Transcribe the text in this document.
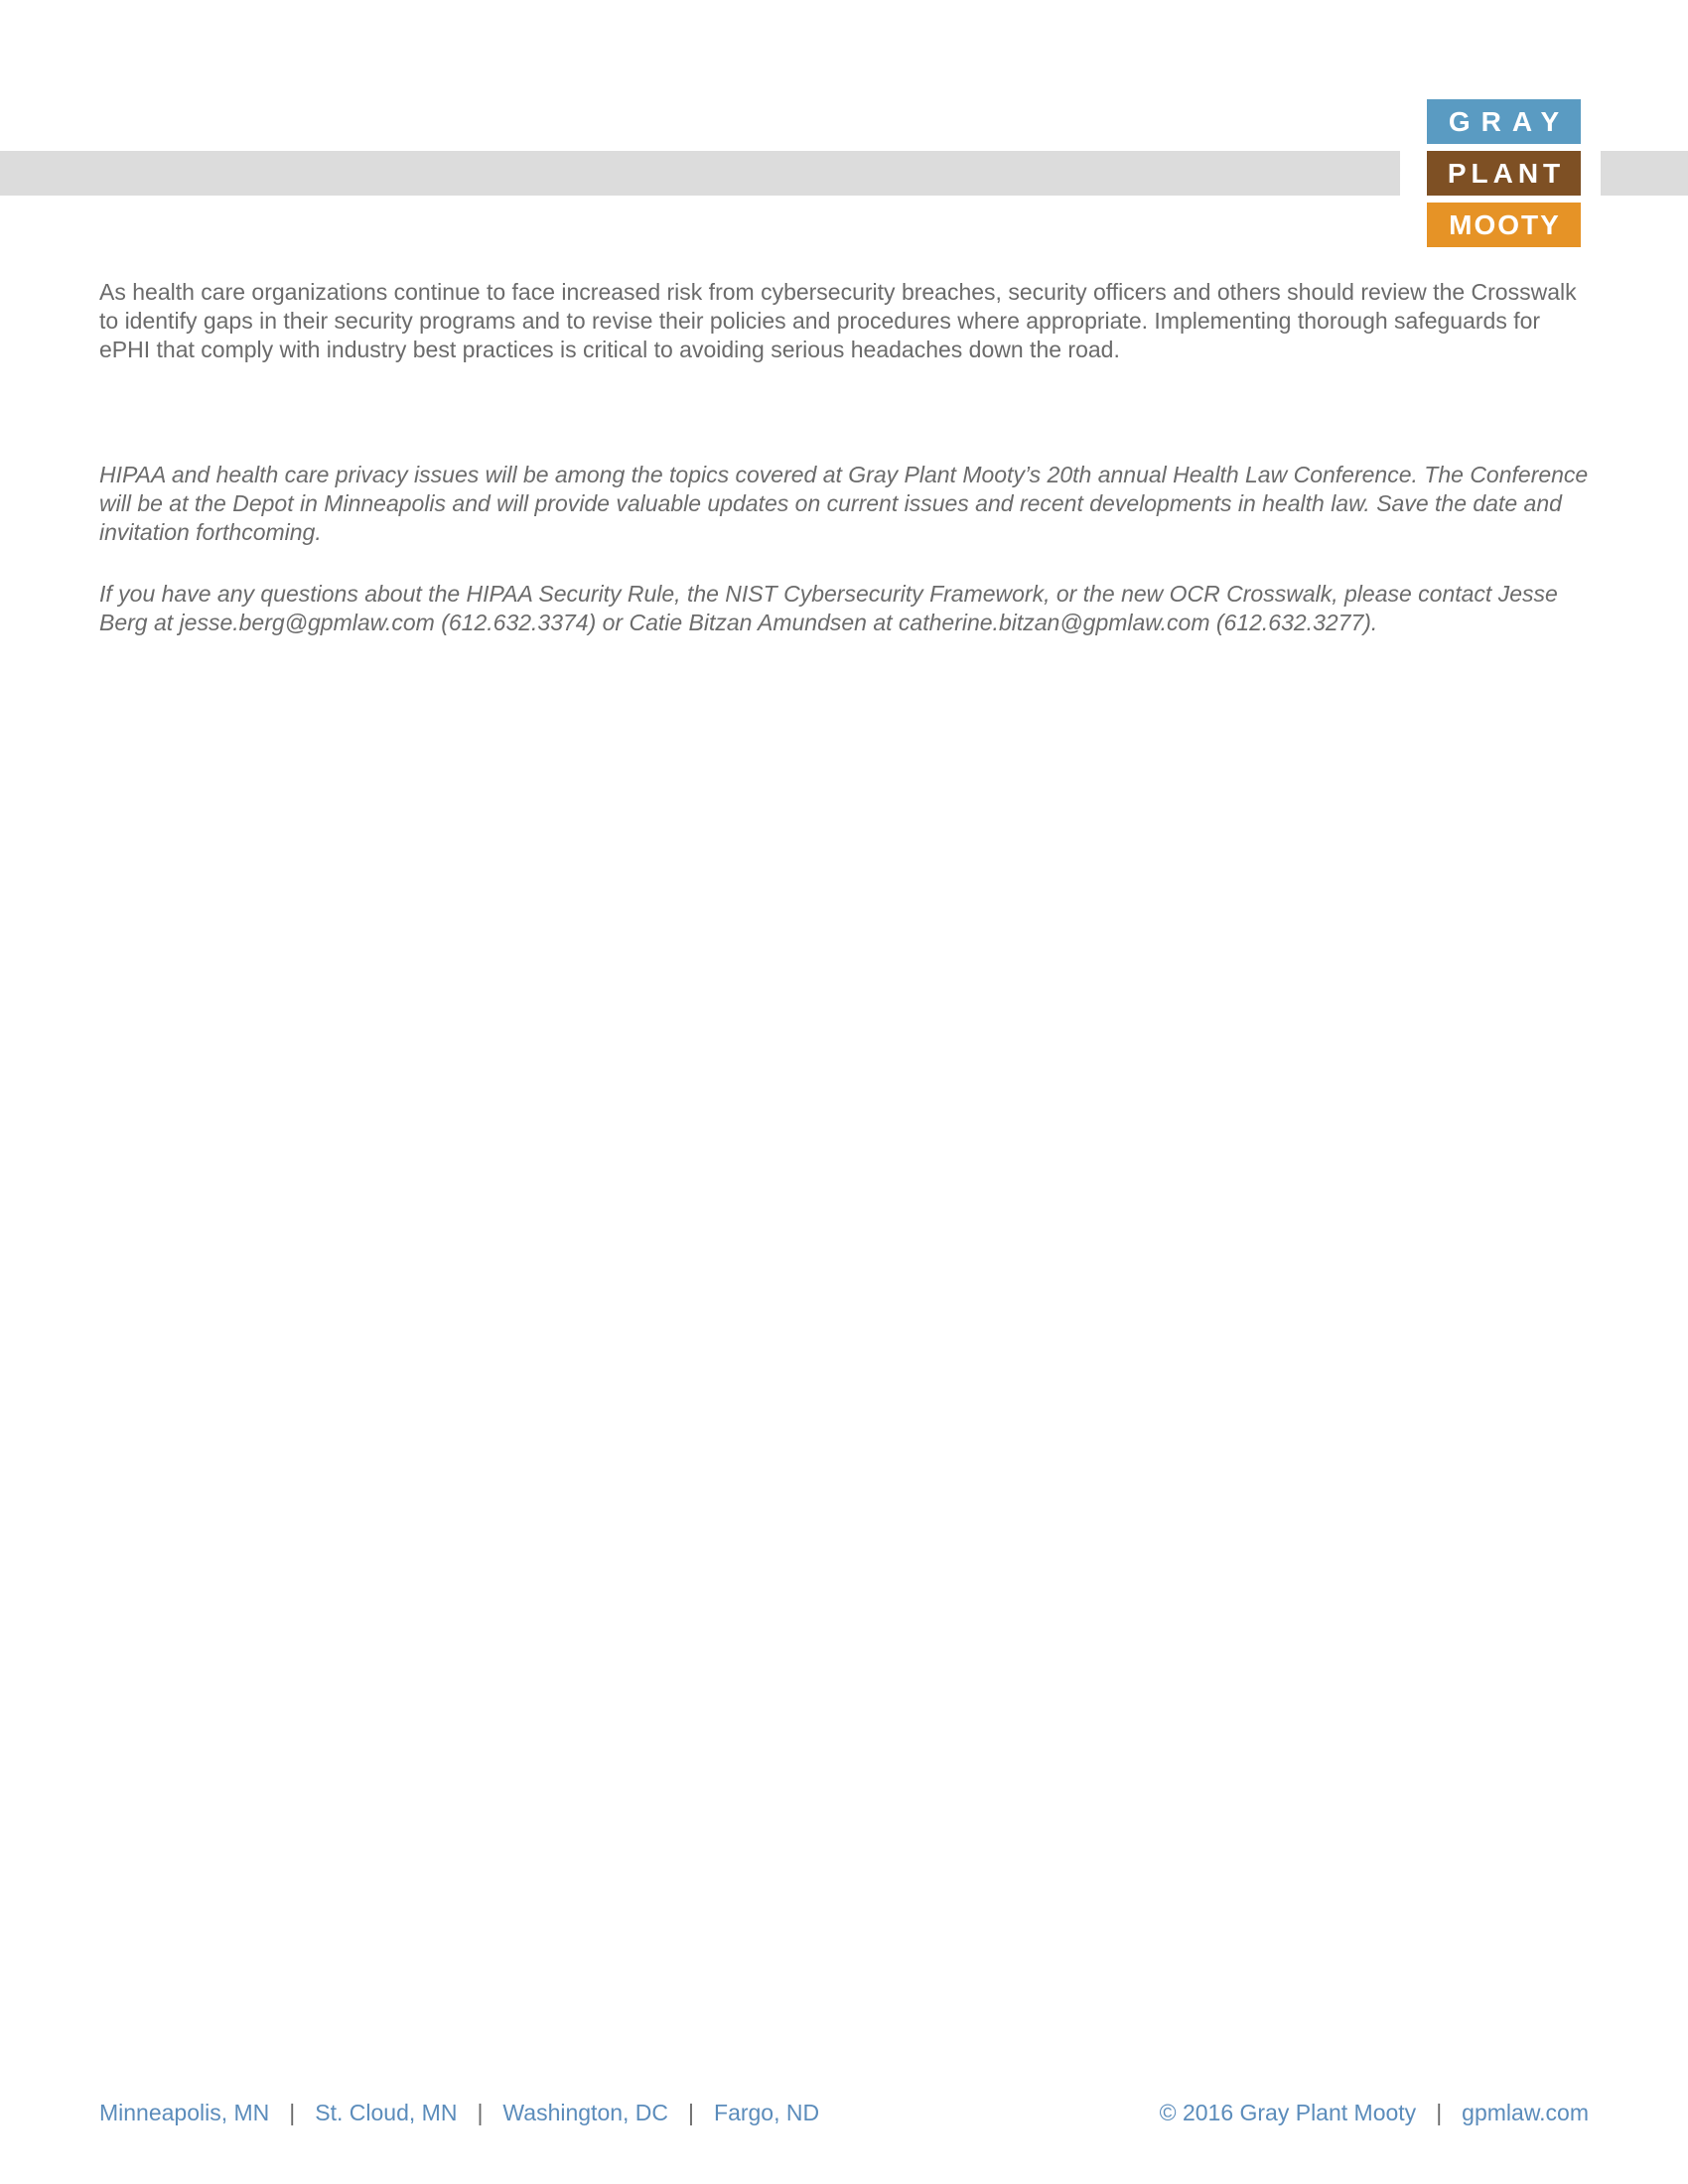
GRAY
PLANT
MOOTY

As health care organizations continue to face increased risk from cybersecurity breaches, security officers and others should review the Crosswalk to identify gaps in their security programs and to revise their policies and procedures where appropriate. Implementing thorough safeguards for ePHI that comply with industry best practices is critical to avoiding serious headaches down the road.

HIPAA and health care privacy issues will be among the topics covered at Gray Plant Mooty’s 20th annual Health Law Conference. The Conference will be at the Depot in Minneapolis and will provide valuable updates on current issues and recent developments in health law. Save the date and invitation forthcoming.

If you have any questions about the HIPAA Security Rule, the NIST Cybersecurity Framework, or the new OCR Crosswalk, please contact Jesse Berg at jesse.berg@gpmlaw.com (612.632.3374) or Catie Bitzan Amundsen at catherine.bitzan@gpmlaw.com (612.632.3277).

Minneapolis, MN | St. Cloud, MN | Washington, DC | Fargo, ND	© 2016 Gray Plant Mooty | gpmlaw.com
